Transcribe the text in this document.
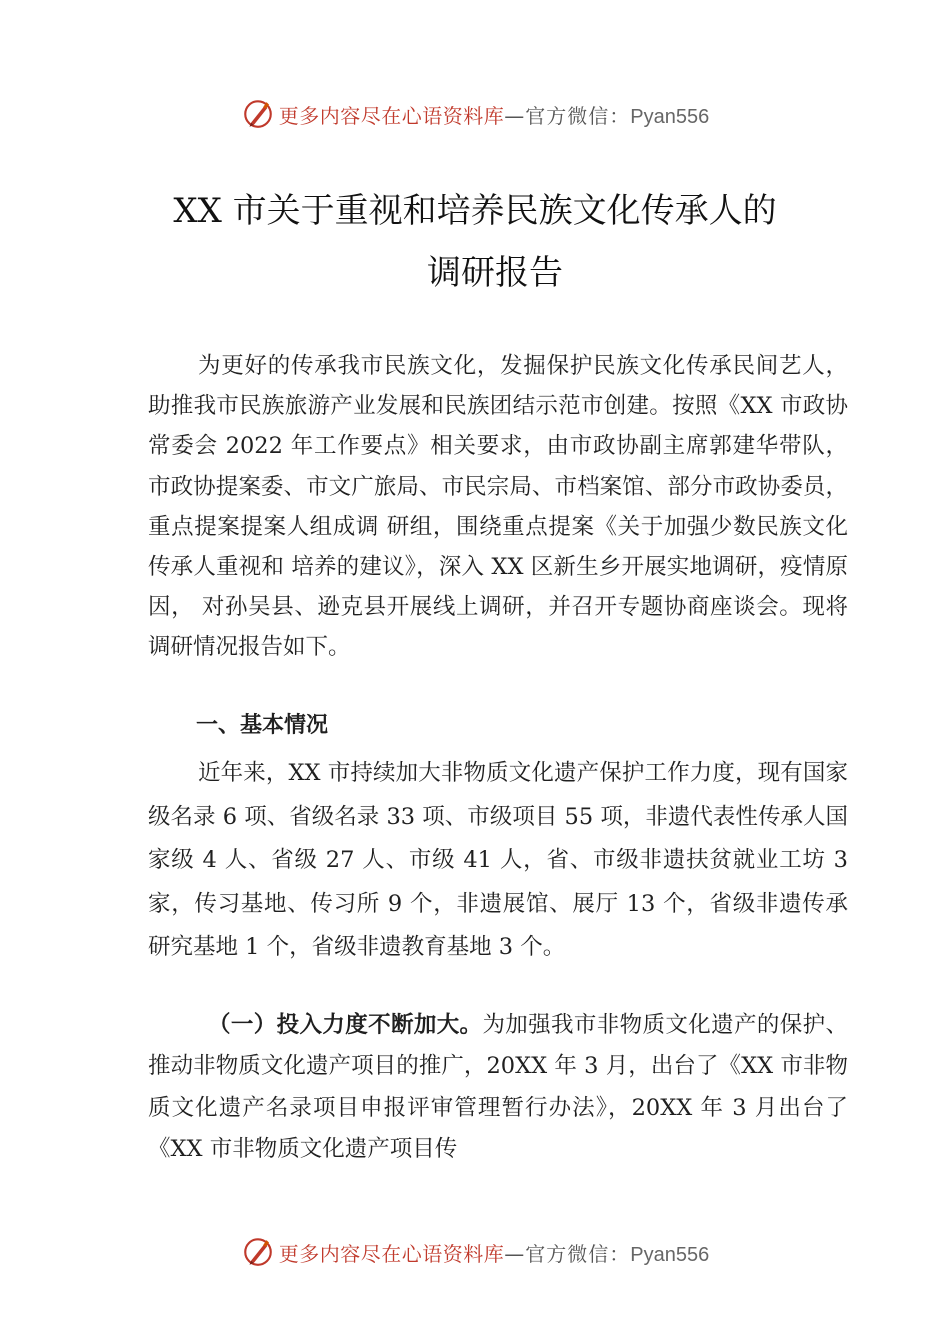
更多内容尽在心语资料库 —官方微信：Pyan556
XX 市关于重视和培养民族文化传承人的
调研报告
为更好的传承我市民族文化，发掘保护民族文化传承民间艺人，助推我市民族旅游产业发展和民族团结示范市创建。按照《XX 市政协常委会 2022 年工作要点》相关要求，由市政协副主席郭建华带队，市政协提案委、市文广旅局、市民宗局、市档案馆、部分市政协委员，重点提案提案人组成调 研组，围绕重点提案《关于加强少数民族文化传承人重视和 培养的建议》，深入 XX 区新生乡开展实地调研，疫情原因， 对孙吴县、逊克县开展线上调研，并召开专题协商座谈会。现将调研情况报告如下。
一、基本情况
近年来，XX 市持续加大非物质文化遗产保护工作力度，现有国家级名录 6 项、省级名录 33 项、市级项目 55 项，非遗代表性传承人国家级 4 人、省级 27 人、市级 41 人，省、市级非遗扶贫就业工坊 3 家，传习基地、传习所 9 个，非遗展馆、展厅 13 个，省级非遗传承研究基地 1 个，省级非遗教育基地 3 个。
（一）投入力度不断加大。为加强我市非物质文化遗产的保护、推动非物质文化遗产项目的推广，20XX 年 3 月，出台了《XX 市非物质文化遗产名录项目申报评审管理暂行办法》，20XX 年 3 月出台了《XX 市非物质文化遗产项目传
更多内容尽在心语资料库 —官方微信：Pyan556
